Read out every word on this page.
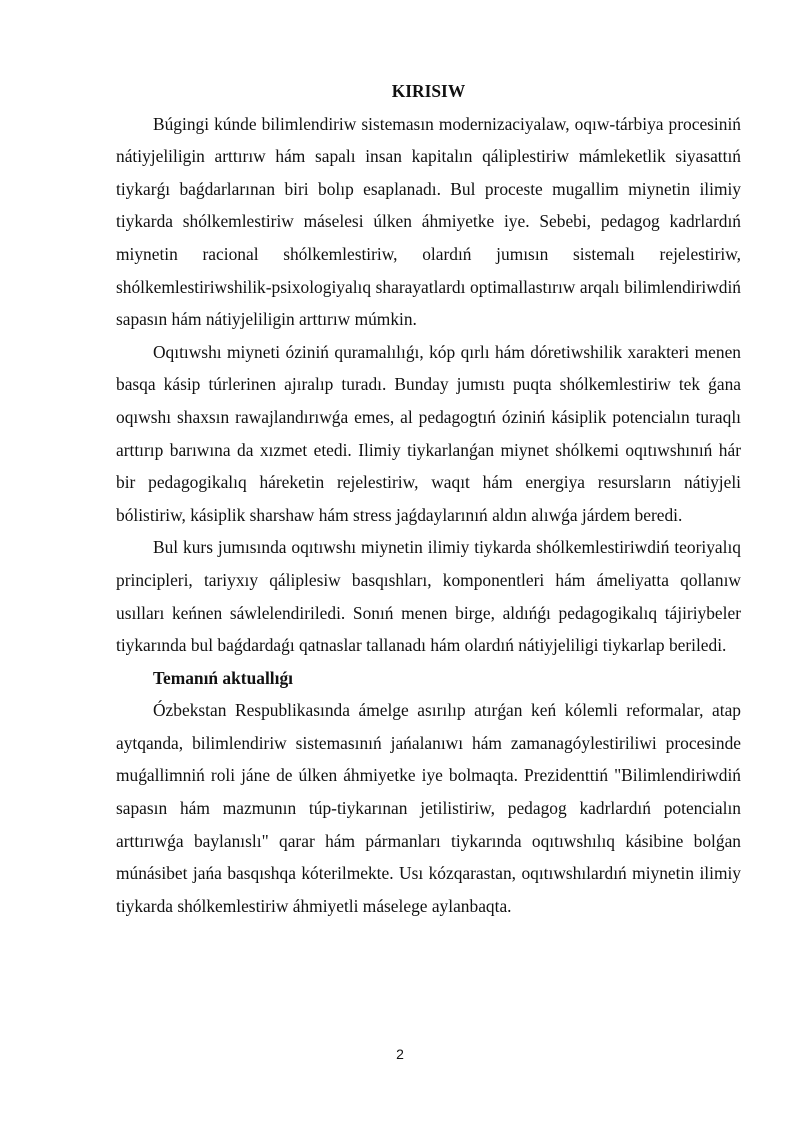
KIRISIW

Búgingi kúnde bilimlendiriw sistemasın modernizaciyalaw, oqıw-tárbiya procesiniń nátiyjeliligin arttırıw hám sapalı insan kapitalın qáliplestiriw mámleketlik siyasattıń tiykarǵı baǵdarlarınan biri bolıp esaplanadı. Bul proceste mugallim miynetin ilimiy tiykarda shólkemlestiriw máselesi úlken áhmiyetke iye. Sebebi, pedagog kadrlardıń miynetin racional shólkemlestiriw, olardıń jumısın sistemalı rejelestiriw, shólkemlestiriwshilik-psixologiyalıq sharayatlardı optimallastırıw arqalı bilimlendiriwdiń sapasın hám nátiyjeliligin arttırıw múmkin.

Oqıtıwshı miyneti óziniń quramalılıǵı, kóp qırlı hám dóretiwshilik xarakteri menen basqa kásip túrlerinen ajıralıp turadı. Bunday jumıstı puqta shólkemlestiriw tek ǵana oqıwshı shaxsın rawajlandırıwǵa emes, al pedagogtıń óziniń kásiplik potencialın turaqlı arttırıp barıwına da xızmet etedi. Ilimiy tiykarlanǵan miynet shólkemi oqıtıwshınıń hár bir pedagogikalıq háreketin rejelestiriw, waqıt hám energiya resursların nátiyjeli bólistiriw, kásiplik sharshaw hám stress jaǵdaylarınıń aldın alıwǵa járdem beredi.

Bul kurs jumısında oqıtıwshı miynetin ilimiy tiykarda shólkemlestiriwdiń teoriyalıq principleri, tariyxıy qáliplesiw basqıshları, komponentleri hám ámeliyatta qollanıw usılları keńnen sáwlelendiriledi. Sonıń menen birge, aldıńǵı pedagogikalıq tájiriybeler tiykarında bul baǵdardaǵı qatnaslar tallanadı hám olardıń nátiyjeliligi tiykarlap beriledi.

Temanıń aktuallıǵı

Ózbekstan Respublikasında ámelge asırılıp atırǵan keń kólemli reformalar, atap aytqanda, bilimlendiriw sistemasınıń jańalanıwı hám zamanagóylestiriliwi procesinde muǵallimniń roli jáne de úlken áhmiyetke iye bolmaqta. Prezidenttiń "Bilimlendiriwdiń sapasın hám mazmunın túp-tiykarınan jetilistiriw, pedagog kadrlardıń potencialın arttırıwǵa baylanıslı" qarar hám pármanları tiykarında oqıtıwshılıq kásibine bolǵan múnásibet jańa basqıshqa kóterilmekte. Usı kózqarastan, oqıtıwshılardıń miynetin ilimiy tiykarda shólkemlestiriw áhmiyetli máselege aylanbaqta.

2
